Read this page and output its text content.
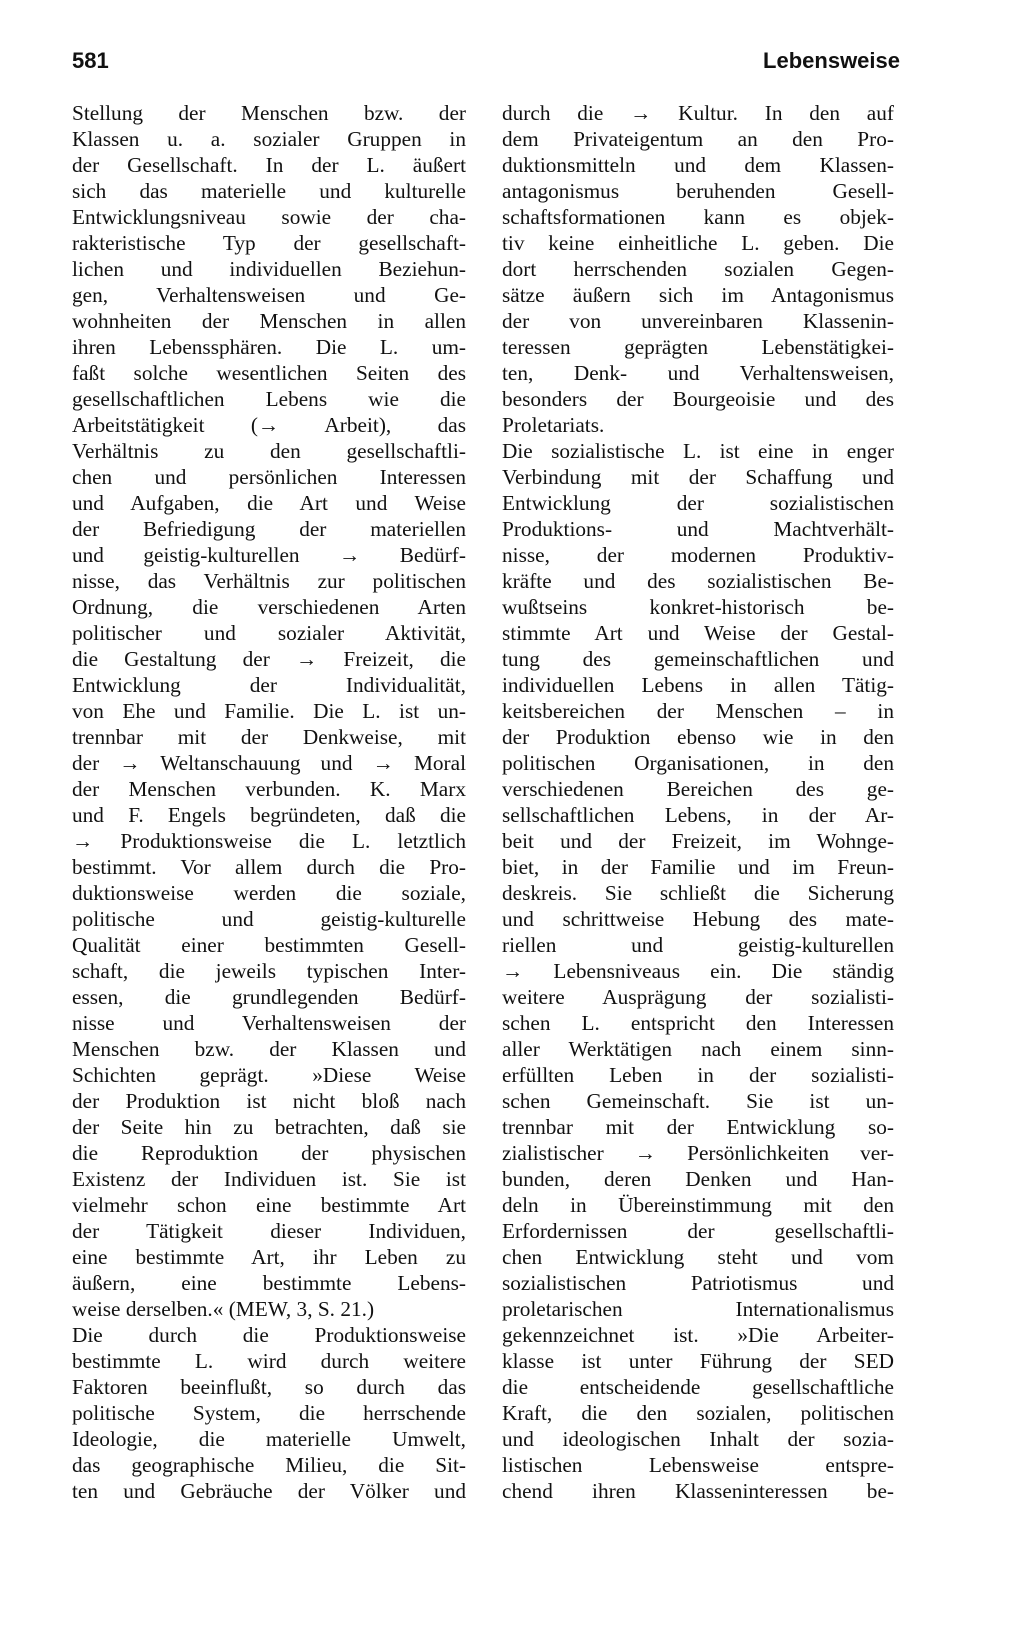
581	Lebensweise
Stellung der Menschen bzw. der
Klassen u. a. sozialer Gruppen in
der Gesellschaft. In der L. äußert
sich das materielle und kulturelle
Entwicklungsniveau sowie der cha-
rakteristische Typ der gesellschaft-
lichen und individuellen Beziehun-
gen, Verhaltensweisen und Ge-
wohnheiten der Menschen in allen
ihren Lebenssphären. Die L. um-
faßt solche wesentlichen Seiten des
gesellschaftlichen Lebens wie die
Arbeitstätigkeit (→ Arbeit), das
Verhältnis zu den gesellschaftli-
chen und persönlichen Interessen
und Aufgaben, die Art und Weise
der Befriedigung der materiellen
und geistig-kulturellen → Bedürf-
nisse, das Verhältnis zur politischen
Ordnung, die verschiedenen Arten
politischer und sozialer Aktivität,
die Gestaltung der → Freizeit, die
Entwicklung der Individualität,
von Ehe und Familie. Die L. ist un-
trennbar mit der Denkweise, mit
der → Weltanschauung und → Moral
der Menschen verbunden. K. Marx
und F. Engels begründeten, daß die
→ Produktionsweise die L. letztlich
bestimmt. Vor allem durch die Pro-
duktionsweise werden die soziale,
politische und geistig-kulturelle
Qualität einer bestimmten Gesell-
schaft, die jeweils typischen Inter-
essen, die grundlegenden Bedürf-
nisse und Verhaltensweisen der
Menschen bzw. der Klassen und
Schichten geprägt. »Diese Weise
der Produktion ist nicht bloß nach
der Seite hin zu betrachten, daß sie
die Reproduktion der physischen
Existenz der Individuen ist. Sie ist
vielmehr schon eine bestimmte Art
der Tätigkeit dieser Individuen,
eine bestimmte Art, ihr Leben zu
äußern, eine bestimmte Lebens-
weise derselben.« (MEW, 3, S. 21.)
Die durch die Produktionsweise
bestimmte L. wird durch weitere
Faktoren beeinflußt, so durch das
politische System, die herrschende
Ideologie, die materielle Umwelt,
das geographische Milieu, die Sit-
ten und Gebräuche der Völker und
durch die → Kultur. In den auf
dem Privateigentum an den Pro-
duktionsmitteln und dem Klassen-
antagonismus beruhenden Gesell-
schaftsformationen kann es objek-
tiv keine einheitliche L. geben. Die
dort herrschenden sozialen Gegen-
sätze äußern sich im Antagonismus
der von unvereinbaren Klassenin-
teressen geprägten Lebenstätigkei-
ten, Denk- und Verhaltensweisen,
besonders der Bourgeoisie und des
Proletariats.
Die sozialistische L. ist eine in enger
Verbindung mit der Schaffung und
Entwicklung der sozialistischen
Produktions- und Machtverhält-
nisse, der modernen Produktiv-
kräfte und des sozialistischen Be-
wußtseins konkret-historisch be-
stimmte Art und Weise der Gestal-
tung des gemeinschaftlichen und
individuellen Lebens in allen Tätig-
keitsbereichen der Menschen – in
der Produktion ebenso wie in den
politischen Organisationen, in den
verschiedenen Bereichen des ge-
sellschaftlichen Lebens, in der Ar-
beit und der Freizeit, im Wohnge-
biet, in der Familie und im Freun-
deskreis. Sie schließt die Sicherung
und schrittweise Hebung des mate-
riellen und geistig-kulturellen
→ Lebensniveaus ein. Die ständig
weitere Ausprägung der sozialisti-
schen L. entspricht den Interessen
aller Werktätigen nach einem sinn-
erfüllten Leben in der sozialisti-
schen Gemeinschaft. Sie ist un-
trennbar mit der Entwicklung so-
zialistischer → Persönlichkeiten ver-
bunden, deren Denken und Han-
deln in Übereinstimmung mit den
Erfordernissen der gesellschaftli-
chen Entwicklung steht und vom
sozialistischen Patriotismus und
proletarischen Internationalismus
gekennzeichnet ist. »Die Arbeiter-
klasse ist unter Führung der SED
die entscheidende gesellschaftliche
Kraft, die den sozialen, politischen
und ideologischen Inhalt der sozia-
listischen Lebensweise entspre-
chend ihren Klasseninteressen be-
